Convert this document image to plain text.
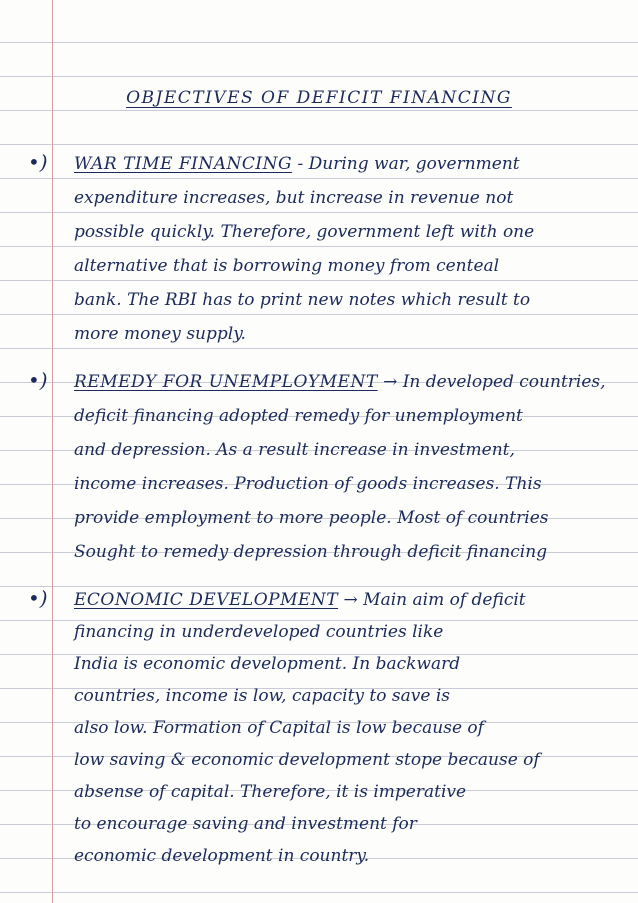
OBJECTIVES OF DEFICIT FINANCING
•) WAR TIME FINANCING - During war, government
expenditure increases, but increase in revenue not
possible quickly. Therefore, government left with one
alternative that is borrowing money from centeal
bank. The RBI has to print new notes which result to
more money supply.
•) REMEDY FOR UNEMPLOYMENT → In developed countries,
deficit financing adopted remedy for unemployment
and depression. As a result increase in investment,
income increases. Production of goods increases. This
provide employment to more people. Most of countries
Sought to remedy depression through deficit financing
•) ECONOMIC DEVELOPMENT → Main aim of deficit
financing in underdeveloped countries like
India is economic development. In backward
countries, income is low, capacity to save is
also low. Formation of Capital is low because of
low saving & economic development stope because of
absense of capital. Therefore, it is imperative
to encourage saving and investment for
economic development in country.
